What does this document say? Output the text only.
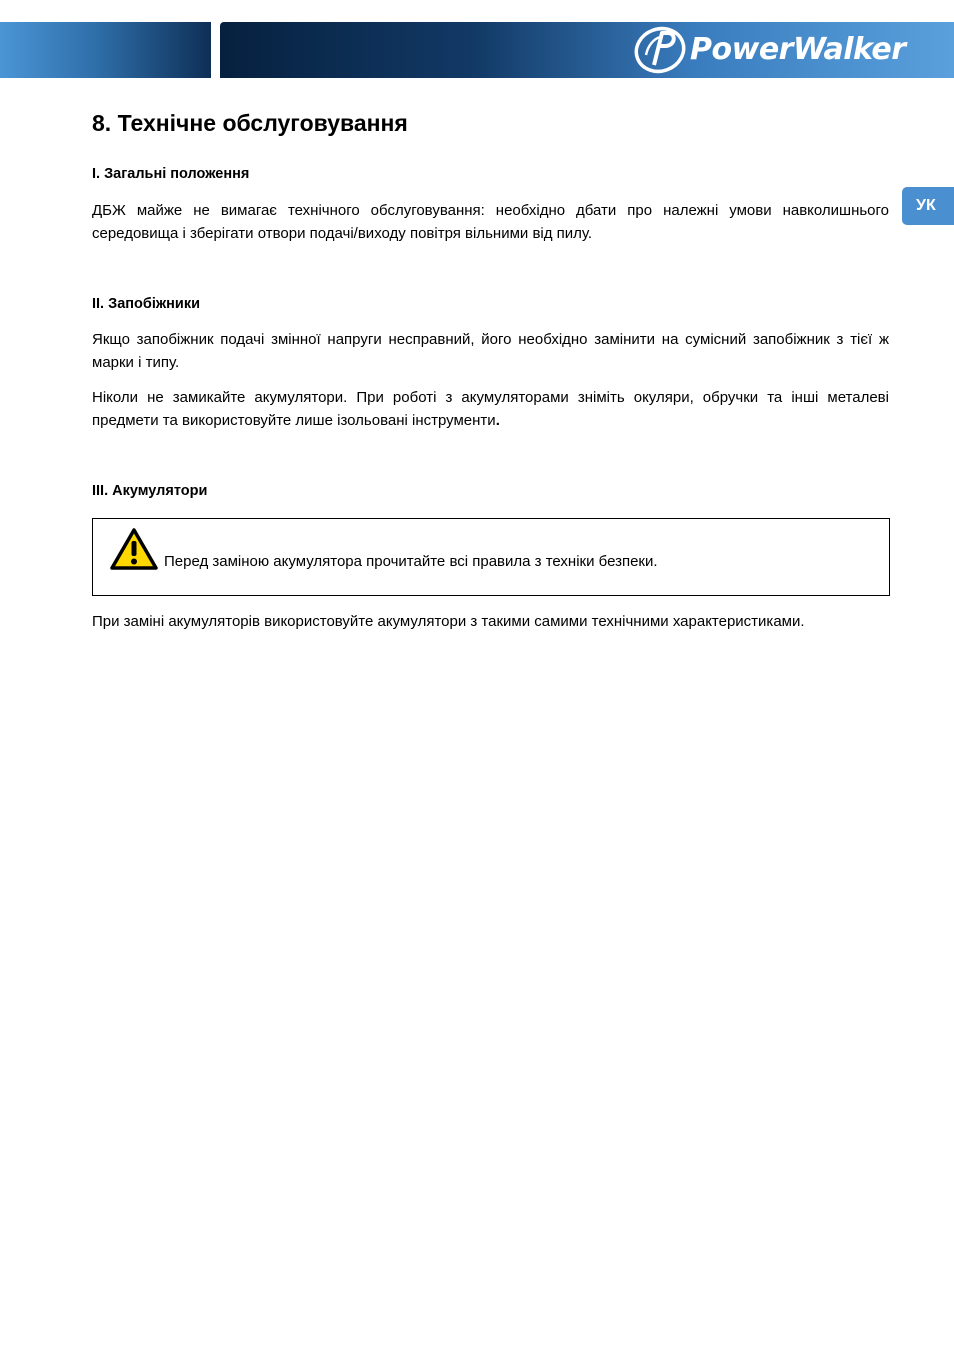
PowerWalker
УК
8. Технічне обслуговування
І. Загальні положення

ДБЖ майже не вимагає технічного обслуговування: необхідно дбати про належні умови навколишнього середовища і зберігати отвори подачі/виходу повітря вільними від пилу.

II. Запобіжники

Якщо запобіжник подачі змінної напруги несправний, його необхідно замінити на сумісний запобіжник з тієї ж марки і типу.

Ніколи не замикайте акумулятори. При роботі з акумуляторами зніміть окуляри, обручки та інші металеві предмети та використовуйте лише ізольовані інструменти.

III. Акумулятори

При заміні акумуляторів використовуйте акумулятори з такими самими технічними характеристиками.

Перед заміною акумулятора прочитайте всі правила з техніки безпеки.
